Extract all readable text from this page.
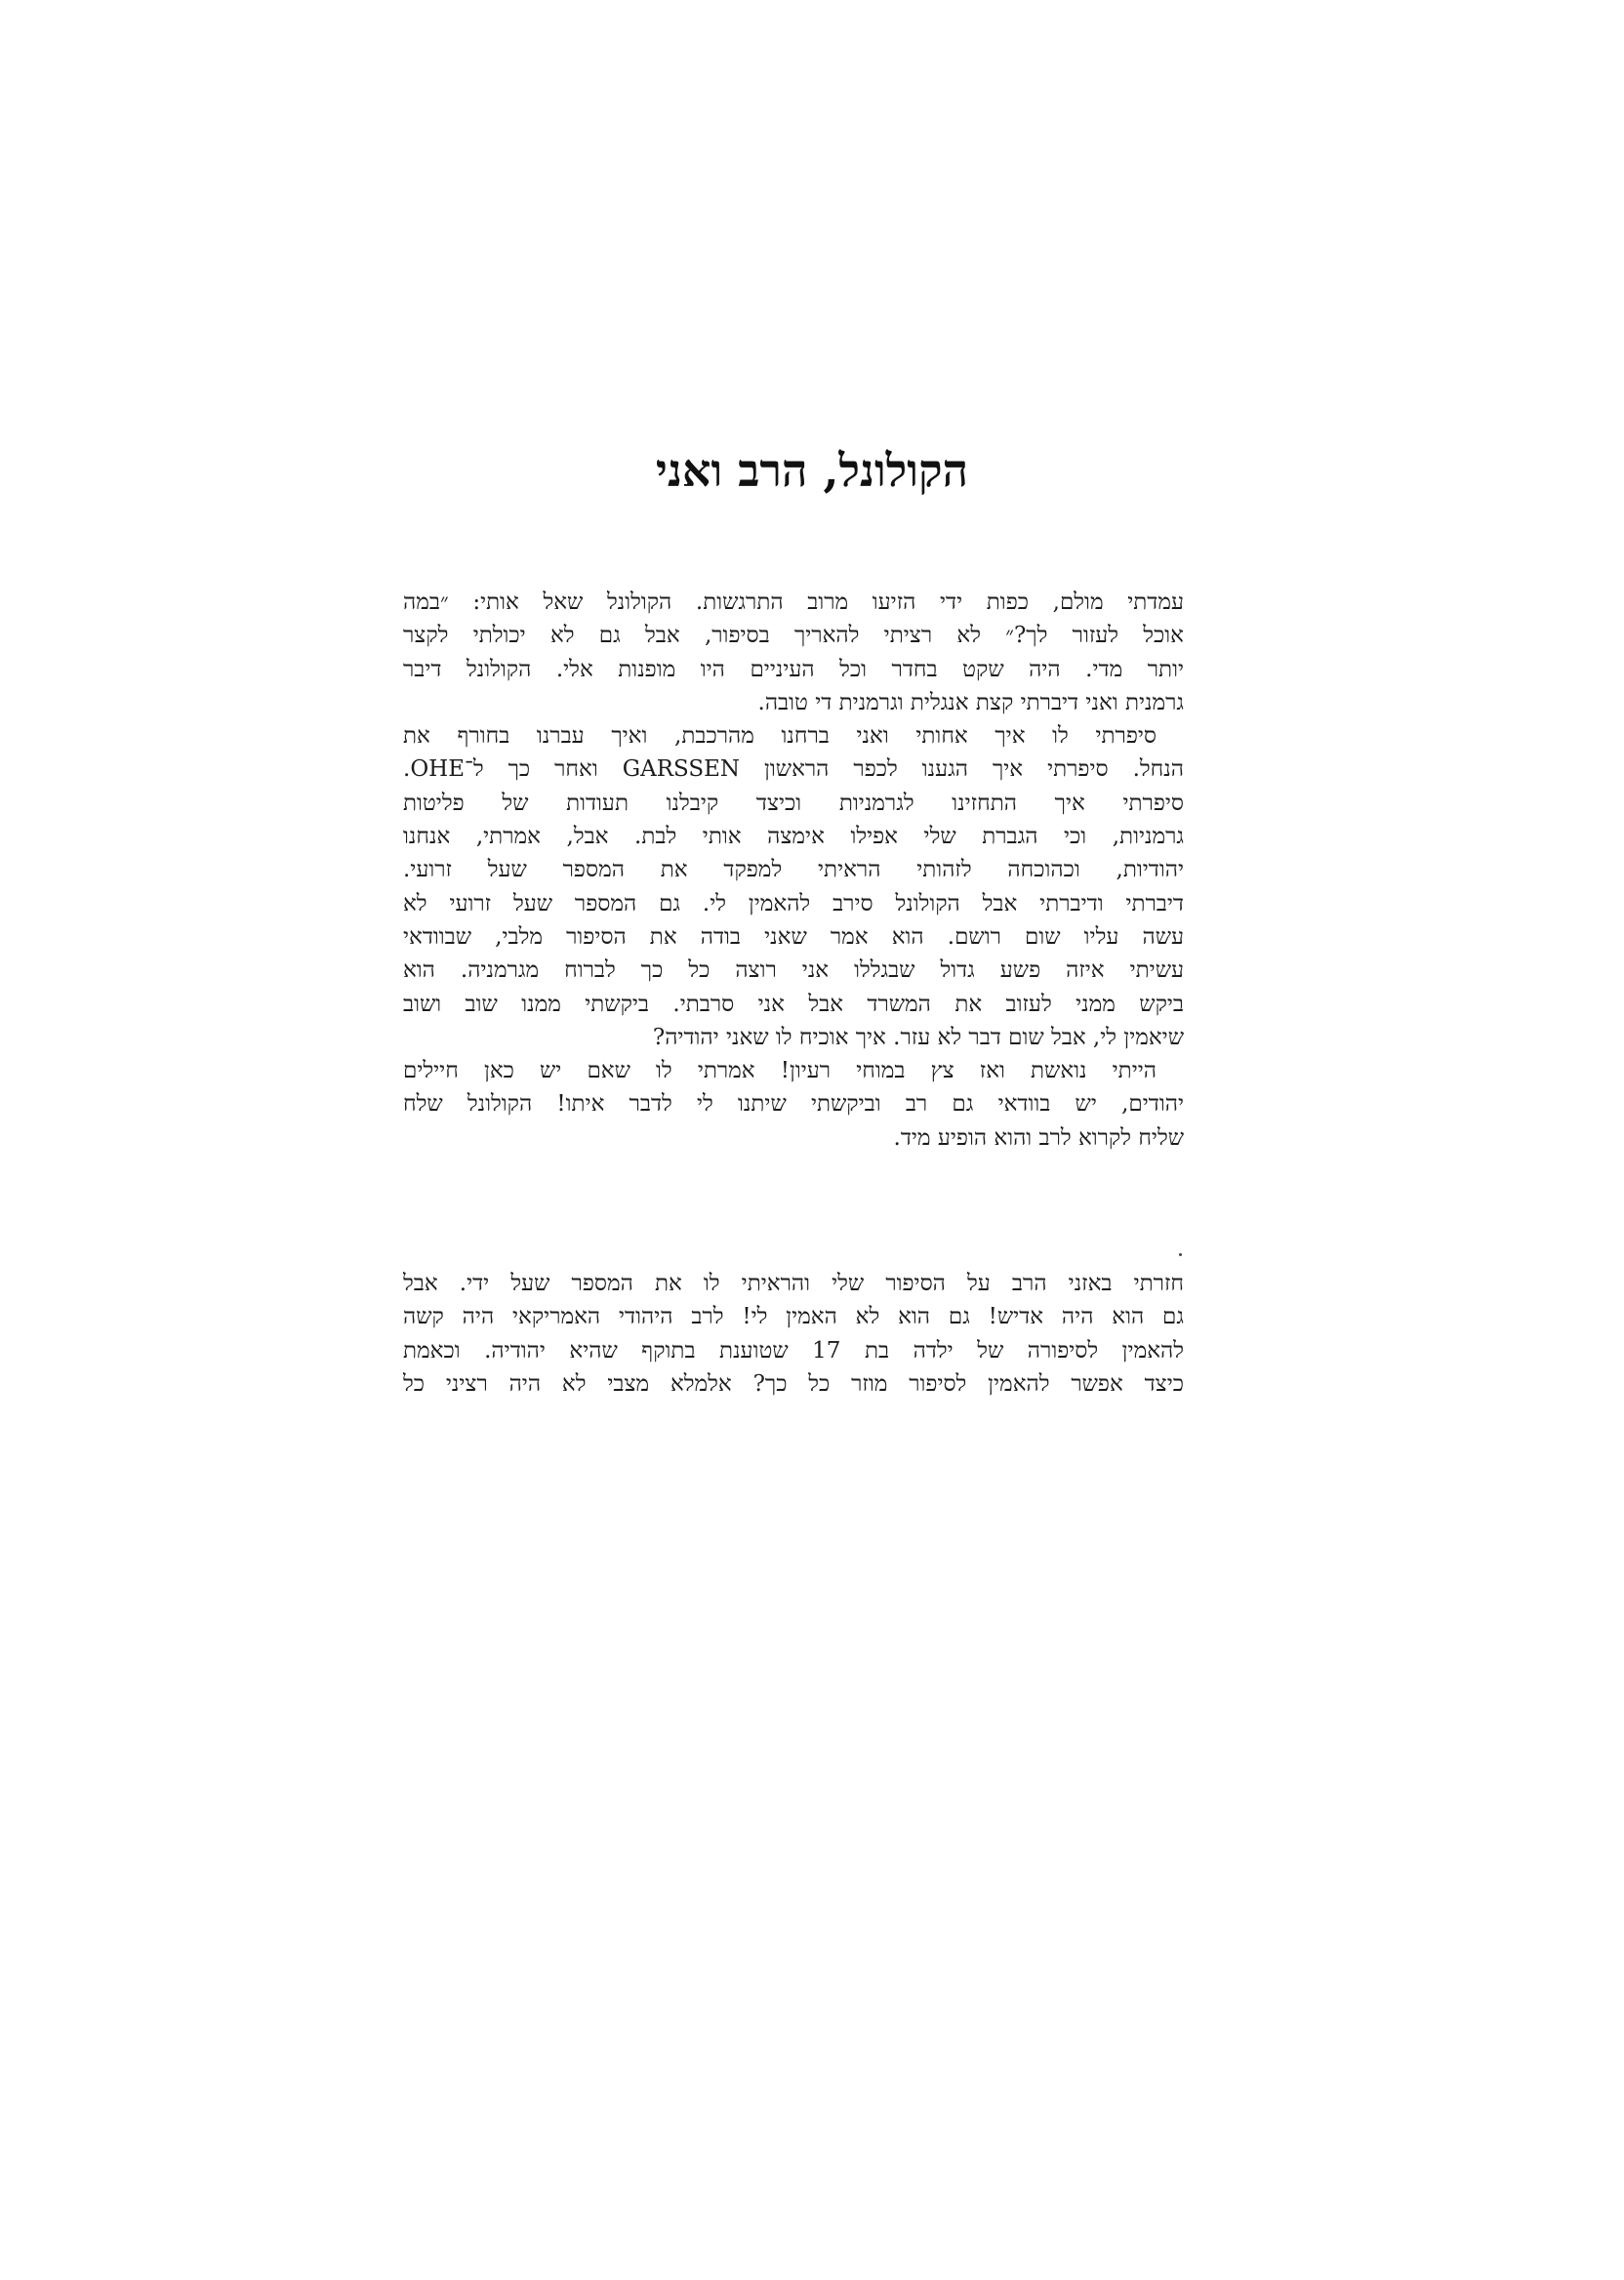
הקולונל, הרב ואני
עמדתי מולם, כפות ידי הזיעו מרוב התרגשות. הקולונל שאל אותי: ״במה
אוכל לעזור לך?״ לא רציתי להאריך בסיפור, אבל גם לא יכולתי לקצר
יותר מדי. היה שקט בחדר וכל העיניים היו מופנות אלי. הקולונל דיבר
גרמנית ואני דיברתי קצת אנגלית וגרמנית די טובה.
סיפרתי לו איך אחותי ואני ברחנו מהרכבת, ואיך עברנו בחורף את
הנחל. סיפרתי איך הגענו לכפר הראשון GARSSEN ואחר כך ל־OHE.
סיפרתי איך התחזינו לגרמניות וכיצד קיבלנו תעודות של פליטות
גרמניות, וכי הגברת שלי אפילו אימצה אותי לבת. אבל, אמרתי, אנחנו
יהודיות, וכהוכחה לזהותי הראיתי למפקד את המספר שעל זרועי.
דיברתי ודיברתי אבל הקולונל סירב להאמין לי. גם המספר שעל זרועי לא
עשה עליו שום רושם. הוא אמר שאני בודה את הסיפור מלבי, שבוודאי
עשיתי איזה פשע גדול שבגללו אני רוצה כל כך לברוח מגרמניה. הוא
ביקש ממני לעזוב את המשרד אבל אני סרבתי. ביקשתי ממנו שוב ושוב
שיאמין לי, אבל שום דבר לא עזר. איך אוכיח לו שאני יהודיה?
הייתי נואשת ואז צץ במוחי רעיון! אמרתי לו שאם יש כאן חיילים
יהודים, יש בוודאי גם רב וביקשתי שיתנו לי לדבר איתו! הקולונל שלח
שליח לקרוא לרב והוא הופיע מיד.
חזרתי באזני הרב על הסיפור שלי והראיתי לו את המספר שעל ידי. אבל
גם הוא היה אדיש! גם הוא לא האמין לי! לרב היהודי האמריקאי היה קשה
להאמין לסיפורה של ילדה בת 17 שטוענת בתוקף שהיא יהודיה. וכאמת
כיצד אפשר להאמין לסיפור מוזר כל כך? אלמלא מצבי לא היה רציני כל
